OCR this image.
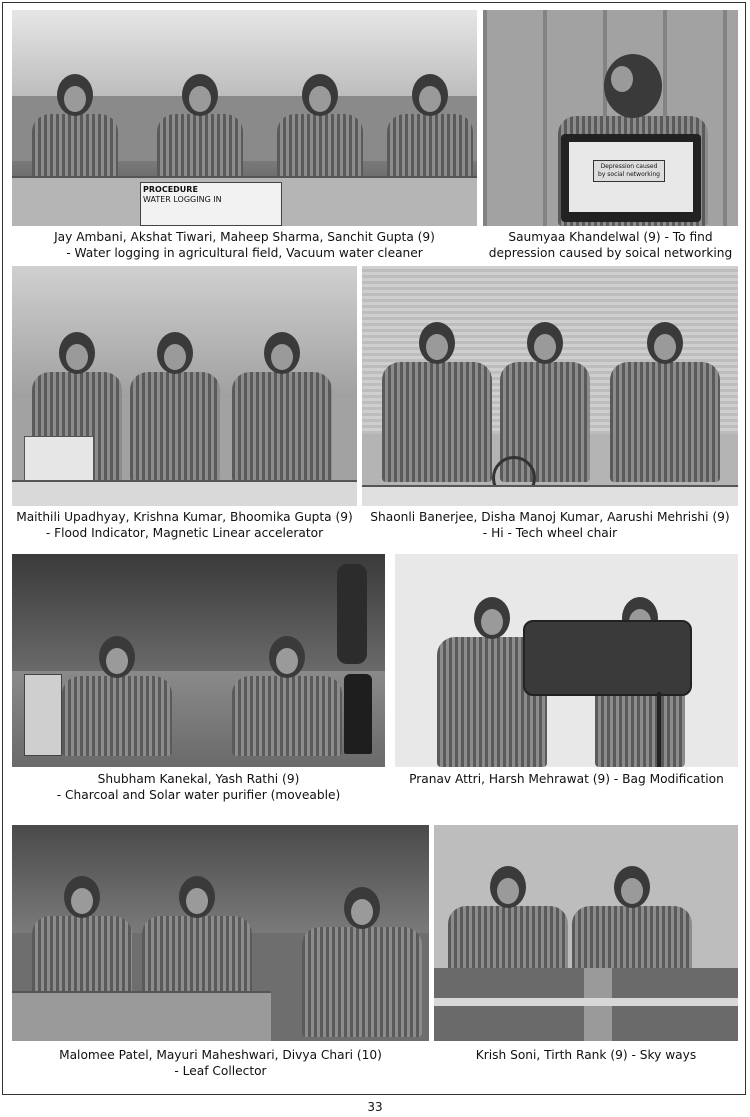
PROCEDURE
WATER LOGGING IN
Jay Ambani, Akshat Tiwari, Maheep Sharma, Sanchit Gupta (9)
- Water logging in agricultural field, Vacuum water cleaner
Depression caused by social networking
Saumyaa Khandelwal (9) - To find
depression caused by soical networking
Maithili Upadhyay, Krishna Kumar, Bhoomika Gupta (9)
- Flood Indicator, Magnetic Linear accelerator
Shaonli Banerjee, Disha Manoj Kumar, Aarushi Mehrishi (9)
- Hi - Tech wheel chair
Shubham Kanekal, Yash Rathi (9)
- Charcoal and Solar water purifier (moveable)
Pranav Attri, Harsh Mehrawat (9) - Bag Modification
Malomee Patel, Mayuri Maheshwari, Divya Chari (10)
- Leaf Collector
Krish Soni, Tirth Rank (9) - Sky ways
33
